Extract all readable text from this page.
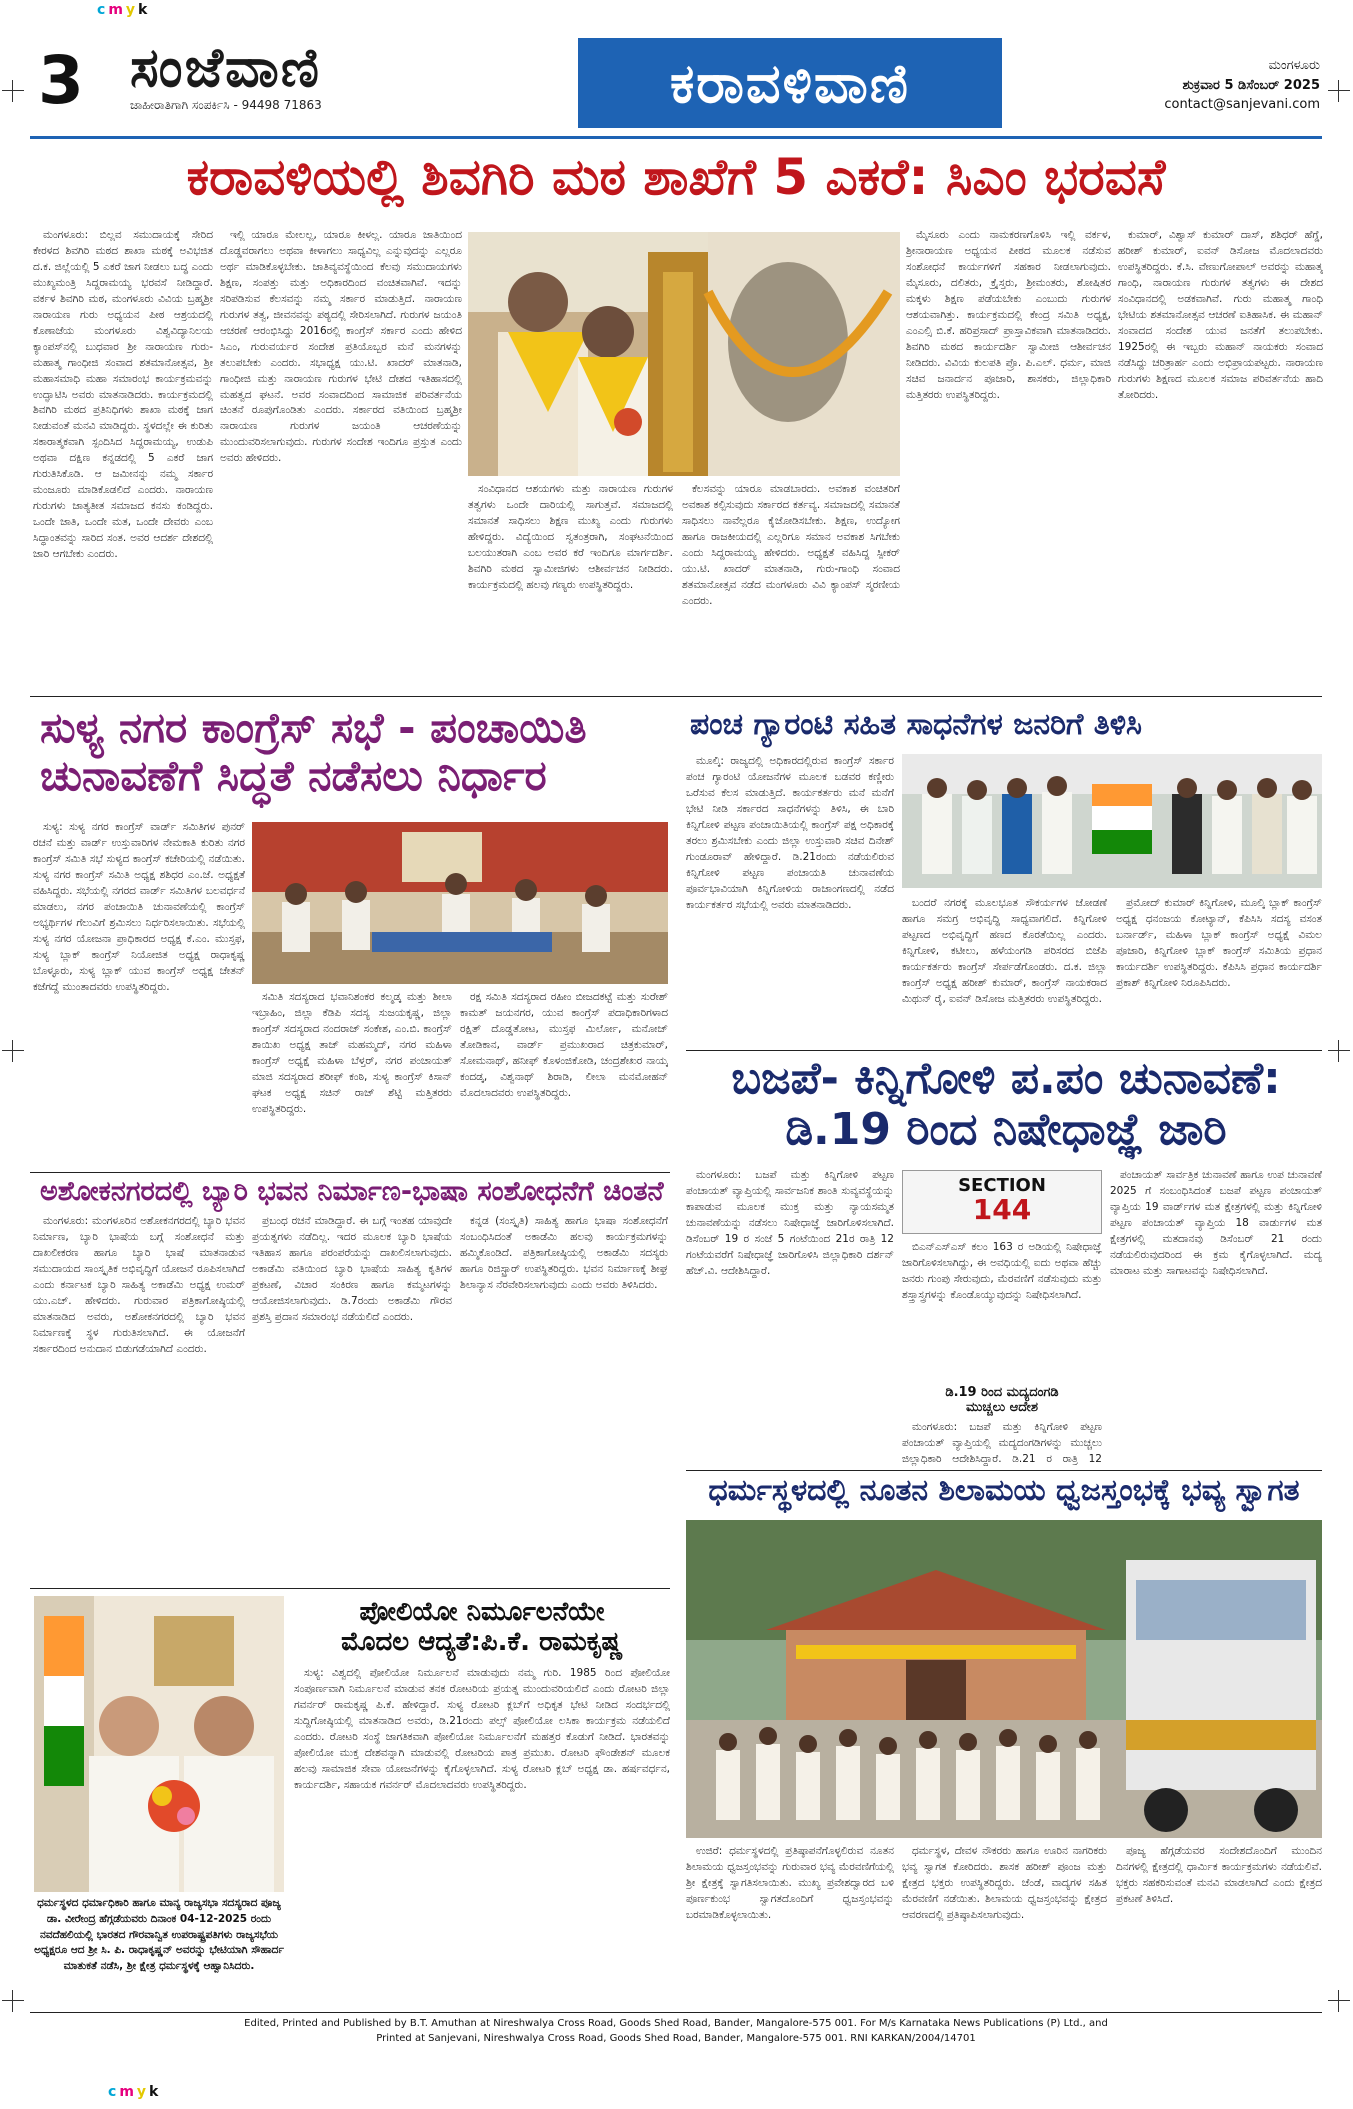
cmyk
3 ಸಂಜೆವಾಣಿ
ಜಾಹೀರಾತಿಗಾಗಿ ಸಂಪರ್ಕಿಸಿ - 94498 71863	ಕರಾವಳಿವಾಣಿ	ಮಂಗಳೂರು
ಶುಕ್ರವಾರ 5 ಡಿಸೆಂಬರ್ 2025
contact@sanjevani.com
ಕರಾವಳಿಯಲ್ಲಿ ಶಿವಗಿರಿ ಮಠ ಶಾಖೆಗೆ 5 ಎಕರೆ: ಸಿಎಂ ಭರವಸೆ

ಮಂಗಳೂರು: ಬಿಲ್ಲವ ಸಮುದಾಯಕ್ಕೆ ಸೇರಿದ ಕೇರಳದ ಶಿವಗಿರಿ ಮಠದ ಶಾಖಾ ಮಠಕ್ಕೆ ಅವಿಭಜಿತ ದ.ಕ. ಜಿಲ್ಲೆಯಲ್ಲಿ 5 ಎಕರೆ ಜಾಗ ನೀಡಲು ಬದ್ಧ ಎಂದು ಮುಖ್ಯಮಂತ್ರಿ ಸಿದ್ದರಾಮಯ್ಯ ಭರವಸೆ ನೀಡಿದ್ದಾರೆ. ವರ್ಕಳ ಶಿವಗಿರಿ ಮಠ, ಮಂಗಳೂರು ವಿವಿಯ ಬ್ರಹ್ಮಶ್ರೀ ನಾರಾಯಣ ಗುರು ಅಧ್ಯಯನ ಪೀಠ ಆಶ್ರಯದಲ್ಲಿ ಕೊಣಾಜೆಯ ಮಂಗಳೂರು ವಿಶ್ವವಿದ್ಯಾನಿಲಯ ಕ್ಯಾಂಪಸ್‌ನಲ್ಲಿ ಬುಧವಾರ ಶ್ರೀ ನಾರಾಯಣ ಗುರು-ಮಹಾತ್ಮ ಗಾಂಧೀಜಿ ಸಂವಾದ ಶತಮಾನೋತ್ಸವ, ಶ್ರೀ ಮಹಾಸಮಾಧಿ ಮಹಾ ಸಮಾರಂಭ ಕಾರ್ಯಕ್ರಮವನ್ನು ಉದ್ಘಾಟಿಸಿ ಅವರು ಮಾತನಾಡಿದರು. ಕಾರ್ಯಕ್ರಮದಲ್ಲಿ ಶಿವಗಿರಿ ಮಠದ ಪ್ರತಿನಿಧಿಗಳು ಶಾಖಾ ಮಠಕ್ಕೆ ಜಾಗ ನೀಡುವಂತೆ ಮನವಿ ಮಾಡಿದ್ದರು. ಸ್ಥಳದಲ್ಲೇ ಈ ಕುರಿತು ಸಕಾರಾತ್ಮಕವಾಗಿ ಸ್ಪಂದಿಸಿದ ಸಿದ್ದರಾಮಯ್ಯ, ಉಡುಪಿ ಅಥವಾ ದಕ್ಷಿಣ ಕನ್ನಡದಲ್ಲಿ 5 ಎಕರೆ ಜಾಗ ಗುರುತಿಸಿಕೊಡಿ. ಆ ಜಮೀನನ್ನು ನಮ್ಮ ಸರ್ಕಾರ ಮಂಜೂರು ಮಾಡಿಕೊಡಲಿದೆ ಎಂದರು. ನಾರಾಯಣ ಗುರುಗಳು ಜಾತ್ಯತೀತ ಸಮಾಜದ ಕನಸು ಕಂಡಿದ್ದರು. ಒಂದೇ ಜಾತಿ, ಒಂದೇ ಮತ, ಒಂದೇ ದೇವರು ಎಂಬ ಸಿದ್ಧಾಂತವನ್ನು ಸಾರಿದ ಸಂತ. ಅವರ ಆದರ್ಶ ದೇಶದಲ್ಲಿ ಜಾರಿ ಆಗಬೇಕು ಎಂದರು.

ಇಲ್ಲಿ ಯಾರೂ ಮೇಲಲ್ಲ, ಯಾರೂ ಕೀಳಲ್ಲ. ಯಾರೂ ಜಾತಿಯಿಂದ ದೊಡ್ಡವರಾಗಲು ಅಥವಾ ಕೀಳಾಗಲು ಸಾಧ್ಯವಿಲ್ಲ ಎನ್ನುವುದನ್ನು ಎಲ್ಲರೂ ಅರ್ಥ ಮಾಡಿಕೊಳ್ಳಬೇಕು. ಜಾತಿವ್ಯವಸ್ಥೆಯಿಂದ ಕೆಲವು ಸಮುದಾಯಗಳು ಶಿಕ್ಷಣ, ಸಂಪತ್ತು ಮತ್ತು ಅಧಿಕಾರದಿಂದ ವಂಚಿತವಾಗಿವೆ. ಇದನ್ನು ಸರಿಪಡಿಸುವ ಕೆಲಸವನ್ನು ನಮ್ಮ ಸರ್ಕಾರ ಮಾಡುತ್ತಿದೆ. ನಾರಾಯಣ ಗುರುಗಳ ತತ್ವ, ಜೀವನವನ್ನು ಪಠ್ಯದಲ್ಲಿ ಸೇರಿಸಲಾಗಿದೆ. ಗುರುಗಳ ಜಯಂತಿ ಆಚರಣೆ ಆರಂಭಿಸಿದ್ದು 2016ರಲ್ಲಿ ಕಾಂಗ್ರೆಸ್ ಸರ್ಕಾರ ಎಂದು ಹೇಳಿದ ಸಿಎಂ, ಗುರುವರ್ಯರ ಸಂದೇಶ ಪ್ರತಿಯೊಬ್ಬರ ಮನೆ ಮನಗಳನ್ನು ತಲುಪಬೇಕು ಎಂದರು. ಸಭಾಧ್ಯಕ್ಷ ಯು.ಟಿ. ಖಾದರ್ ಮಾತನಾಡಿ, ಗಾಂಧೀಜಿ ಮತ್ತು ನಾರಾಯಣ ಗುರುಗಳ ಭೇಟಿ ದೇಶದ ಇತಿಹಾಸದಲ್ಲಿ ಮಹತ್ವದ ಘಟನೆ. ಅವರ ಸಂವಾದದಿಂದ ಸಾಮಾಜಿಕ ಪರಿವರ್ತನೆಯ ಚಿಂತನೆ ರೂಪುಗೊಂಡಿತು ಎಂದರು. ಸರ್ಕಾರದ ವತಿಯಿಂದ ಬ್ರಹ್ಮಶ್ರೀ ನಾರಾಯಣ ಗುರುಗಳ ಜಯಂತಿ ಆಚರಣೆಯನ್ನು ಮುಂದುವರಿಸಲಾಗುವುದು. ಗುರುಗಳ ಸಂದೇಶ ಇಂದಿಗೂ ಪ್ರಸ್ತುತ ಎಂದು ಅವರು ಹೇಳಿದರು.

ಸಂವಿಧಾನದ ಆಶಯಗಳು ಮತ್ತು ನಾರಾಯಣ ಗುರುಗಳ ತತ್ವಗಳು ಒಂದೇ ದಾರಿಯಲ್ಲಿ ಸಾಗುತ್ತವೆ. ಸಮಾಜದಲ್ಲಿ ಸಮಾನತೆ ಸಾಧಿಸಲು ಶಿಕ್ಷಣ ಮುಖ್ಯ ಎಂದು ಗುರುಗಳು ಹೇಳಿದ್ದರು. ವಿದ್ಯೆಯಿಂದ ಸ್ವತಂತ್ರರಾಗಿ, ಸಂಘಟನೆಯಿಂದ ಬಲಯುತರಾಗಿ ಎಂಬ ಅವರ ಕರೆ ಇಂದಿಗೂ ಮಾರ್ಗದರ್ಶಿ. ಶಿವಗಿರಿ ಮಠದ ಸ್ವಾಮೀಜಿಗಳು ಆಶೀರ್ವಚನ ನೀಡಿದರು. ಕಾರ್ಯಕ್ರಮದಲ್ಲಿ ಹಲವು ಗಣ್ಯರು ಉಪಸ್ಥಿತರಿದ್ದರು.

ಕೆಲಸವನ್ನು ಯಾರೂ ಮಾಡಬಾರದು. ಅವಕಾಶ ವಂಚಿತರಿಗೆ ಅವಕಾಶ ಕಲ್ಪಿಸುವುದು ಸರ್ಕಾರದ ಕರ್ತವ್ಯ. ಸಮಾಜದಲ್ಲಿ ಸಮಾನತೆ ಸಾಧಿಸಲು ನಾವೆಲ್ಲರೂ ಕೈಜೋಡಿಸಬೇಕು. ಶಿಕ್ಷಣ, ಉದ್ಯೋಗ ಹಾಗೂ ರಾಜಕೀಯದಲ್ಲಿ ಎಲ್ಲರಿಗೂ ಸಮಾನ ಅವಕಾಶ ಸಿಗಬೇಕು ಎಂದು ಸಿದ್ದರಾಮಯ್ಯ ಹೇಳಿದರು. ಅಧ್ಯಕ್ಷತೆ ವಹಿಸಿದ್ದ ಸ್ಪೀಕರ್ ಯು.ಟಿ. ಖಾದರ್ ಮಾತನಾಡಿ, ಗುರು-ಗಾಂಧಿ ಸಂವಾದ ಶತಮಾನೋತ್ಸವ ನಡೆದ ಮಂಗಳೂರು ವಿವಿ ಕ್ಯಾಂಪಸ್ ಸ್ಮರಣೀಯ ಎಂದರು.

ಮೈಸೂರು ಎಂದು ನಾಮಕರಣಗೊಳಿಸಿ ಇಲ್ಲಿ ವರ್ಕಳ, ಶ್ರೀನಾರಾಯಣ ಅಧ್ಯಯನ ಪೀಠದ ಮೂಲಕ ನಡೆಸುವ ಸಂಶೋಧನೆ ಕಾರ್ಯಗಳಿಗೆ ಸಹಕಾರ ನೀಡಲಾಗುವುದು. ಮೈಸೂರು, ದಲಿತರು, ಕ್ರೈಸ್ತರು, ಶ್ರೀಮಂತರು, ಶೋಷಿತರ ಮಕ್ಕಳು ಶಿಕ್ಷಣ ಪಡೆಯಬೇಕು ಎಂಬುದು ಗುರುಗಳ ಆಶಯವಾಗಿತ್ತು. ಕಾರ್ಯಕ್ರಮದಲ್ಲಿ ಕೇಂದ್ರ ಸಮಿತಿ ಅಧ್ಯಕ್ಷ, ಎಂಎಲ್ಸಿ ಬಿ.ಕೆ. ಹರಿಪ್ರಸಾದ್ ಪ್ರಾಸ್ತಾವಿಕವಾಗಿ ಮಾತನಾಡಿದರು. ಶಿವಗಿರಿ ಮಠದ ಕಾರ್ಯದರ್ಶಿ ಸ್ವಾಮೀಜಿ ಆಶೀರ್ವಚನ ನೀಡಿದರು. ವಿವಿಯ ಕುಲಪತಿ ಪ್ರೊ. ಪಿ.ಎಲ್. ಧರ್ಮ, ಮಾಜಿ ಸಚಿವ ಜನಾರ್ದನ ಪೂಜಾರಿ, ಶಾಸಕರು, ಜಿಲ್ಲಾಧಿಕಾರಿ ಮತ್ತಿತರರು ಉಪಸ್ಥಿತರಿದ್ದರು.

ಕುಮಾರ್, ವಿಶ್ವಾಸ್ ಕುಮಾರ್ ದಾಸ್, ಶಶಿಧರ್ ಹೆಗ್ಡೆ, ಹರೀಶ್ ಕುಮಾರ್, ಐವನ್ ಡಿಸೋಜ ಮೊದಲಾದವರು ಉಪಸ್ಥಿತರಿದ್ದರು. ಕೆ.ಸಿ. ವೇಣುಗೋಪಾಲ್ ಅವರನ್ನು ಮಹಾತ್ಮ ಗಾಂಧಿ, ನಾರಾಯಣ ಗುರುಗಳ ತತ್ವಗಳು ಈ ದೇಶದ ಸಂವಿಧಾನದಲ್ಲಿ ಅಡಕವಾಗಿವೆ. ಗುರು ಮಹಾತ್ಮ ಗಾಂಧಿ ಭೇಟಿಯ ಶತಮಾನೋತ್ಸವ ಆಚರಣೆ ಐತಿಹಾಸಿಕ. ಈ ಮಹಾನ್ ಸಂವಾದದ ಸಂದೇಶ ಯುವ ಜನತೆಗೆ ತಲುಪಬೇಕು. 1925ರಲ್ಲಿ ಈ ಇಬ್ಬರು ಮಹಾನ್ ನಾಯಕರು ಸಂವಾದ ನಡೆಸಿದ್ದು ಚರಿತ್ರಾರ್ಹ ಎಂದು ಅಭಿಪ್ರಾಯಪಟ್ಟರು. ನಾರಾಯಣ ಗುರುಗಳು ಶಿಕ್ಷಣದ ಮೂಲಕ ಸಮಾಜ ಪರಿವರ್ತನೆಯ ಹಾದಿ ತೋರಿದರು.

ಸುಳ್ಯ ನಗರ ಕಾಂಗ್ರೆಸ್ ಸಭೆ - ಪಂಚಾಯಿತಿ
ಚುನಾವಣೆಗೆ ಸಿದ್ಧತೆ ನಡೆಸಲು ನಿರ್ಧಾರ

ಸುಳ್ಯ: ಸುಳ್ಯ ನಗರ ಕಾಂಗ್ರೆಸ್ ವಾರ್ಡ್ ಸಮಿತಿಗಳ ಪುನರ್ ರಚನೆ ಮತ್ತು ವಾರ್ಡ್ ಉಸ್ತುವಾರಿಗಳ ನೇಮಕಾತಿ ಕುರಿತು ನಗರ ಕಾಂಗ್ರೆಸ್ ಸಮಿತಿ ಸಭೆ ಸುಳ್ಯದ ಕಾಂಗ್ರೆಸ್ ಕಚೇರಿಯಲ್ಲಿ ನಡೆಯಿತು. ಸುಳ್ಯ ನಗರ ಕಾಂಗ್ರೆಸ್ ಸಮಿತಿ ಅಧ್ಯಕ್ಷ ಶಶಿಧರ ಎಂ.ಜೆ. ಅಧ್ಯಕ್ಷತೆ ವಹಿಸಿದ್ದರು. ಸಭೆಯಲ್ಲಿ ನಗರದ ವಾರ್ಡ್ ಸಮಿತಿಗಳ ಬಲವರ್ಧನೆ ಮಾಡಲು, ನಗರ ಪಂಚಾಯಿತಿ ಚುನಾವಣೆಯಲ್ಲಿ ಕಾಂಗ್ರೆಸ್ ಅಭ್ಯರ್ಥಿಗಳ ಗೆಲುವಿಗೆ ಶ್ರಮಿಸಲು ನಿರ್ಧರಿಸಲಾಯಿತು. ಸಭೆಯಲ್ಲಿ ಸುಳ್ಯ ನಗರ ಯೋಜನಾ ಪ್ರಾಧಿಕಾರದ ಅಧ್ಯಕ್ಷ ಕೆ.ಎಂ. ಮುಸ್ತಫ, ಸುಳ್ಯ ಬ್ಲಾಕ್ ಕಾಂಗ್ರೆಸ್ ನಿಯೋಜಿತ ಅಧ್ಯಕ್ಷ ರಾಧಾಕೃಷ್ಣ ಬೊಳ್ಳೂರು, ಸುಳ್ಯ ಬ್ಲಾಕ್ ಯುವ ಕಾಂಗ್ರೆಸ್ ಅಧ್ಯಕ್ಷ ಚೇತನ್ ಕಜೆಗದ್ದೆ ಮುಂತಾದವರು ಉಪಸ್ಥಿತರಿದ್ದರು.

ಸಮಿತಿ ಸದಸ್ಯರಾದ ಭವಾನಿಶಂಕರ ಕಲ್ಮಡ್ಕ ಮತ್ತು ಶೀಲಾ ಇಬ್ರಾಹಿಂ, ಜಿಲ್ಲಾ ಕೆಡಿಪಿ ಸದಸ್ಯ ಸುಜಯಕೃಷ್ಣ, ಜಿಲ್ಲಾ ಕಾಂಗ್ರೆಸ್ ಸದಸ್ಯರಾದ ನಂದರಾಜ್ ಸಂಕೇಶ, ಎಂ.ಬಿ. ಕಾಂಗ್ರೆಸ್ ಶಾಯಿಖ ಅಧ್ಯಕ್ಷ ತಾಜ್ ಮಹಮ್ಮದ್, ನಗರ ಮಹಿಳಾ ಕಾಂಗ್ರೆಸ್ ಅಧ್ಯಕ್ಷೆ ಮಹಿಳಾ ಬೆಳ್ತರ್, ನಗರ ಪಂಚಾಯತ್ ಮಾಜಿ ಸದಸ್ಯರಾದ ಶರೀಫ್ ಕಂಠಿ, ಸುಳ್ಯ ಕಾಂಗ್ರೆಸ್ ಕಿಸಾನ್ ಘಟಕ ಅಧ್ಯಕ್ಷ ಸಚಿನ್ ರಾಜ್ ಶೆಟ್ಟಿ ಮತ್ತಿತರರು ಉಪಸ್ಥಿತರಿದ್ದರು.

ರಕ್ಷ ಸಮಿತಿ ಸದಸ್ಯರಾದ ರಹೀಂ ಬೀಜದಕಟ್ಟೆ ಮತ್ತು ಸುರೇಶ್ ಕಾಮತ್ ಜಯನಗರ, ಯುವ ಕಾಂಗ್ರೆಸ್ ಪದಾಧಿಕಾರಿಗಳಾದ ರಕ್ಷಿತ್ ದೊಡ್ಡತೋಟ, ಮುಸ್ತಫ ಮಿರ್ಲೋ, ಮನೋಜ್ ತೋಡಿಕಾನ, ವಾರ್ಡ್ ಪ್ರಮುಖರಾದ ಚಿತ್ರಕುಮಾರ್, ಸೋಮನಾಥ್, ಹನೀಫ್ ಕೊಳಂಜಿಕೋಡಿ, ಚಂದ್ರಶೇಖರ ನಾಯ್ಕ ಕಂದಡ್ಕ, ವಿಶ್ವನಾಥ್ ಶಿರಾಡಿ, ಲೀಲಾ ಮನಮೋಹನ್ ಮೊದಲಾದವರು ಉಪಸ್ಥಿತರಿದ್ದರು.

ಪಂಚ ಗ್ಯಾರಂಟಿ ಸಹಿತ ಸಾಧನೆಗಳ ಜನರಿಗೆ ತಿಳಿಸಿ

ಮೂಲ್ಕಿ: ರಾಜ್ಯದಲ್ಲಿ ಅಧಿಕಾರದಲ್ಲಿರುವ ಕಾಂಗ್ರೆಸ್ ಸರ್ಕಾರ ಪಂಚ ಗ್ಯಾರಂಟಿ ಯೋಜನೆಗಳ ಮೂಲಕ ಬಡವರ ಕಣ್ಣೀರು ಒರೆಸುವ ಕೆಲಸ ಮಾಡುತ್ತಿದೆ. ಕಾರ್ಯಕರ್ತರು ಮನೆ ಮನೆಗೆ ಭೇಟಿ ನೀಡಿ ಸರ್ಕಾರದ ಸಾಧನೆಗಳನ್ನು ತಿಳಿಸಿ, ಈ ಬಾರಿ ಕಿನ್ನಿಗೋಳಿ ಪಟ್ಟಣ ಪಂಚಾಯಿತಿಯಲ್ಲಿ ಕಾಂಗ್ರೆಸ್ ಪಕ್ಷ ಅಧಿಕಾರಕ್ಕೆ ತರಲು ಶ್ರಮಿಸಬೇಕು ಎಂದು ಜಿಲ್ಲಾ ಉಸ್ತುವಾರಿ ಸಚಿವ ದಿನೇಶ್ ಗುಂಡೂರಾವ್ ಹೇಳಿದ್ದಾರೆ. ಡಿ.21ರಂದು ನಡೆಯಲಿರುವ ಕಿನ್ನಿಗೋಳಿ ಪಟ್ಟಣ ಪಂಚಾಯತಿ ಚುನಾವಣೆಯ ಪೂರ್ವಭಾವಿಯಾಗಿ ಕಿನ್ನಿಗೋಳಿಯ ರಾಜಾಂಗಣದಲ್ಲಿ ನಡೆದ ಕಾರ್ಯಕರ್ತರ ಸಭೆಯಲ್ಲಿ ಅವರು ಮಾತನಾಡಿದರು.	ಬಂದರೆ ನಗರಕ್ಕೆ ಮೂಲಭೂತ ಸೌಕರ್ಯಗಳ ಜೋಡಣೆ ಹಾಗೂ ಸಮಗ್ರ ಅಭಿವೃದ್ಧಿ ಸಾಧ್ಯವಾಗಲಿದೆ. ಕಿನ್ನಿಗೋಳಿ ಪಟ್ಟಣದ ಅಭಿವೃದ್ಧಿಗೆ ಹಣದ ಕೊರತೆಯಿಲ್ಲ ಎಂದರು. ಕಿನ್ನಿಗೋಳಿ, ಕಟೀಲು, ಹಳೆಯಂಗಡಿ ಪರಿಸರದ ಬಿಜೆಪಿ ಕಾರ್ಯಕರ್ತರು ಕಾಂಗ್ರೆಸ್ ಸೇರ್ಪಡೆಗೊಂಡರು. ದ.ಕ. ಜಿಲ್ಲಾ ಕಾಂಗ್ರೆಸ್ ಅಧ್ಯಕ್ಷ ಹರೀಶ್ ಕುಮಾರ್, ಕಾಂಗ್ರೆಸ್ ನಾಯಕರಾದ ಮಿಥುನ್ ರೈ, ಐವನ್ ಡಿಸೋಜ ಮತ್ತಿತರರು ಉಪಸ್ಥಿತರಿದ್ದರು.

ಪ್ರಮೋದ್ ಕುಮಾರ್ ಕಿನ್ನಿಗೋಳಿ, ಮೂಲ್ಕಿ ಬ್ಲಾಕ್ ಕಾಂಗ್ರೆಸ್ ಅಧ್ಯಕ್ಷ ಧನಂಜಯ ಕೋಟ್ಯಾನ್, ಕೆಪಿಸಿಸಿ ಸದಸ್ಯ ವಸಂತ ಬರ್ನಾರ್ಡ್, ಮಹಿಳಾ ಬ್ಲಾಕ್ ಕಾಂಗ್ರೆಸ್ ಅಧ್ಯಕ್ಷೆ ವಿಮಲ ಪೂಜಾರಿ, ಕಿನ್ನಿಗೋಳಿ ಬ್ಲಾಕ್ ಕಾಂಗ್ರೆಸ್ ಸಮಿತಿಯ ಪ್ರಧಾನ ಕಾರ್ಯದರ್ಶಿ ಉಪಸ್ಥಿತರಿದ್ದರು. ಕೆಪಿಸಿಸಿ ಪ್ರಧಾನ ಕಾರ್ಯದರ್ಶಿ ಪ್ರಕಾಶ್ ಕಿನ್ನಿಗೋಳಿ ನಿರೂಪಿಸಿದರು.

ಅಶೋಕನಗರದಲ್ಲಿ ಬ್ಯಾರಿ ಭವನ ನಿರ್ಮಾಣ-ಭಾಷಾ ಸಂಶೋಧನೆಗೆ ಚಿಂತನೆ

ಮಂಗಳೂರು: ಮಂಗಳೂರಿನ ಅಶೋಕನಗರದಲ್ಲಿ ಬ್ಯಾರಿ ಭವನ ನಿರ್ಮಾಣ, ಬ್ಯಾರಿ ಭಾಷೆಯ ಬಗ್ಗೆ ಸಂಶೋಧನೆ ಮತ್ತು ದಾಖಲೀಕರಣ ಹಾಗೂ ಬ್ಯಾರಿ ಭಾಷೆ ಮಾತನಾಡುವ ಸಮುದಾಯದ ಸಾಂಸ್ಕೃತಿಕ ಅಭಿವೃದ್ಧಿಗೆ ಯೋಜನೆ ರೂಪಿಸಲಾಗಿದೆ ಎಂದು ಕರ್ನಾಟಕ ಬ್ಯಾರಿ ಸಾಹಿತ್ಯ ಅಕಾಡೆಮಿ ಅಧ್ಯಕ್ಷ ಉಮರ್ ಯು.ಎಚ್. ಹೇಳಿದರು. ಗುರುವಾರ ಪತ್ರಿಕಾಗೋಷ್ಠಿಯಲ್ಲಿ ಮಾತನಾಡಿದ ಅವರು, ಅಶೋಕನಗರದಲ್ಲಿ ಬ್ಯಾರಿ ಭವನ ನಿರ್ಮಾಣಕ್ಕೆ ಸ್ಥಳ ಗುರುತಿಸಲಾಗಿದೆ. ಈ ಯೋಜನೆಗೆ ಸರ್ಕಾರದಿಂದ ಅನುದಾನ ಬಿಡುಗಡೆಯಾಗಿದೆ ಎಂದರು.

ಪ್ರಬಂಧ ರಚನೆ ಮಾಡಿದ್ದಾರೆ. ಈ ಬಗ್ಗೆ ಇಂತಹ ಯಾವುದೇ ಪ್ರಯತ್ನಗಳು ನಡೆದಿಲ್ಲ. ಇದರ ಮೂಲಕ ಬ್ಯಾರಿ ಭಾಷೆಯ ಇತಿಹಾಸ ಹಾಗೂ ಪರಂಪರೆಯನ್ನು ದಾಖಲಿಸಲಾಗುವುದು. ಅಕಾಡೆಮಿ ವತಿಯಿಂದ ಬ್ಯಾರಿ ಭಾಷೆಯ ಸಾಹಿತ್ಯ ಕೃತಿಗಳ ಪ್ರಕಟಣೆ, ವಿಚಾರ ಸಂಕಿರಣ ಹಾಗೂ ಕಮ್ಮಟಗಳನ್ನು ಆಯೋಜಿಸಲಾಗುವುದು. ಡಿ.7ರಂದು ಅಕಾಡೆಮಿ ಗೌರವ ಪ್ರಶಸ್ತಿ ಪ್ರದಾನ ಸಮಾರಂಭ ನಡೆಯಲಿದೆ ಎಂದರು.

ಕನ್ನಡ (ಸಂಸ್ಕೃತಿ) ಸಾಹಿತ್ಯ ಹಾಗೂ ಭಾಷಾ ಸಂಶೋಧನೆಗೆ ಸಂಬಂಧಿಸಿದಂತೆ ಅಕಾಡೆಮಿ ಹಲವು ಕಾರ್ಯಕ್ರಮಗಳನ್ನು ಹಮ್ಮಿಕೊಂಡಿದೆ. ಪತ್ರಿಕಾಗೋಷ್ಠಿಯಲ್ಲಿ ಅಕಾಡೆಮಿ ಸದಸ್ಯರು ಹಾಗೂ ರಿಜಿಸ್ಟ್ರಾರ್ ಉಪಸ್ಥಿತರಿದ್ದರು. ಭವನ ನಿರ್ಮಾಣಕ್ಕೆ ಶೀಘ್ರ ಶಿಲಾನ್ಯಾಸ ನೆರವೇರಿಸಲಾಗುವುದು ಎಂದು ಅವರು ತಿಳಿಸಿದರು.

ಬಜಪೆ- ಕಿನ್ನಿಗೋಳಿ ಪ.ಪಂ ಚುನಾವಣೆ:
ಡಿ.19 ರಿಂದ ನಿಷೇಧಾಜ್ಞೆ ಜಾರಿ

ಮಂಗಳೂರು: ಬಜಪೆ ಮತ್ತು ಕಿನ್ನಿಗೋಳಿ ಪಟ್ಟಣ ಪಂಚಾಯತ್ ವ್ಯಾಪ್ತಿಯಲ್ಲಿ ಸಾರ್ವಜನಿಕ ಶಾಂತಿ ಸುವ್ಯವಸ್ಥೆಯನ್ನು ಕಾಪಾಡುವ ಮೂಲಕ ಮುಕ್ತ ಮತ್ತು ನ್ಯಾಯಸಮ್ಮತ ಚುನಾವಣೆಯನ್ನು ನಡೆಸಲು ನಿಷೇಧಾಜ್ಞೆ ಜಾರಿಗೊಳಿಸಲಾಗಿದೆ. ಡಿಸೆಂಬರ್ 19 ರ ಸಂಜೆ 5 ಗಂಟೆಯಿಂದ 21ರ ರಾತ್ರಿ 12 ಗಂಟೆಯವರೆಗೆ ನಿಷೇಧಾಜ್ಞೆ ಜಾರಿಗೊಳಿಸಿ ಜಿಲ್ಲಾಧಿಕಾರಿ ದರ್ಶನ್ ಹೆಚ್.ವಿ. ಆದೇಶಿಸಿದ್ದಾರೆ.

SECTION
144

ಬಿಎನ್‌ಎಸ್‌ಎಸ್ ಕಲಂ 163 ರ ಅಡಿಯಲ್ಲಿ ನಿಷೇಧಾಜ್ಞೆ ಜಾರಿಗೊಳಿಸಲಾಗಿದ್ದು, ಈ ಅವಧಿಯಲ್ಲಿ ಐದು ಅಥವಾ ಹೆಚ್ಚು ಜನರು ಗುಂಪು ಸೇರುವುದು, ಮೆರವಣಿಗೆ ನಡೆಸುವುದು ಮತ್ತು ಶಸ್ತ್ರಾಸ್ತ್ರಗಳನ್ನು ಕೊಂಡೊಯ್ಯುವುದನ್ನು ನಿಷೇಧಿಸಲಾಗಿದೆ.

ಡಿ.19 ರಿಂದ ಮದ್ಯದಂಗಡಿ
ಮುಚ್ಚಲು ಆದೇಶ

ಮಂಗಳೂರು: ಬಜಪೆ ಮತ್ತು ಕಿನ್ನಿಗೋಳಿ ಪಟ್ಟಣ ಪಂಚಾಯತ್ ವ್ಯಾಪ್ತಿಯಲ್ಲಿ ಮದ್ಯದಂಗಡಿಗಳನ್ನು ಮುಚ್ಚಲು ಜಿಲ್ಲಾಧಿಕಾರಿ ಆದೇಶಿಸಿದ್ದಾರೆ. ಡಿ.21 ರ ರಾತ್ರಿ 12

ಪಂಚಾಯತ್ ಸಾರ್ವತ್ರಿಕ ಚುನಾವಣೆ ಹಾಗೂ ಉಪ ಚುನಾವಣೆ 2025 ಗೆ ಸಂಬಂಧಿಸಿದಂತೆ ಬಜಪೆ ಪಟ್ಟಣ ಪಂಚಾಯತ್ ವ್ಯಾಪ್ತಿಯ 19 ವಾರ್ಡ್‌ಗಳ ಮತ ಕ್ಷೇತ್ರಗಳಲ್ಲಿ ಮತ್ತು ಕಿನ್ನಿಗೋಳಿ ಪಟ್ಟಣ ಪಂಚಾಯತ್ ವ್ಯಾಪ್ತಿಯ 18 ವಾರ್ಡುಗಳ ಮತ ಕ್ಷೇತ್ರಗಳಲ್ಲಿ ಮತದಾನವು ಡಿಸೆಂಬರ್ 21 ರಂದು ನಡೆಯಲಿರುವುದರಿಂದ ಈ ಕ್ರಮ ಕೈಗೊಳ್ಳಲಾಗಿದೆ. ಮದ್ಯ ಮಾರಾಟ ಮತ್ತು ಸಾಗಾಟವನ್ನು ನಿಷೇಧಿಸಲಾಗಿದೆ.

ಧರ್ಮಸ್ಥಳದ ಧರ್ಮಾಧಿಕಾರಿ ಹಾಗೂ ಮಾನ್ಯ ರಾಜ್ಯಸಭಾ ಸದಸ್ಯರಾದ ಪೂಜ್ಯ ಡಾ. ವೀರೇಂದ್ರ ಹೆಗ್ಗಡೆಯವರು ದಿನಾಂಕ 04-12-2025 ರಂದು ನವದೆಹಲಿಯಲ್ಲಿ ಭಾರತದ ಗೌರವಾನ್ವಿತ ಉಪರಾಷ್ಟ್ರಪತಿಗಳು ರಾಜ್ಯಸಭೆಯ ಅಧ್ಯಕ್ಷರೂ ಆದ ಶ್ರೀ ಸಿ. ಪಿ. ರಾಧಾಕೃಷ್ಣನ್ ಅವರನ್ನು ಭೇಟಿಯಾಗಿ ಸೌಹಾರ್ದ ಮಾತುಕತೆ ನಡೆಸಿ, ಶ್ರೀ ಕ್ಷೇತ್ರ ಧರ್ಮಸ್ಥಳಕ್ಕೆ ಆಹ್ವಾನಿಸಿದರು.
ಪೋಲಿಯೋ ನಿರ್ಮೂಲನೆಯೇ
ಮೊದಲ ಆದ್ಯತೆ:ಪಿ.ಕೆ. ರಾಮಕೃಷ್ಣ

ಸುಳ್ಯ: ವಿಶ್ವದಲ್ಲಿ ಪೋಲಿಯೋ ನಿರ್ಮೂಲನೆ ಮಾಡುವುದು ನಮ್ಮ ಗುರಿ. 1985 ರಿಂದ ಪೋಲಿಯೋ ಸಂಪೂರ್ಣವಾಗಿ ನಿರ್ಮೂಲನೆ ಮಾಡುವ ತನಕ ರೋಟರಿಯ ಪ್ರಯತ್ನ ಮುಂದುವರಿಯಲಿದೆ ಎಂದು ರೋಟರಿ ಜಿಲ್ಲಾ ಗವರ್ನರ್ ರಾಮಕೃಷ್ಣ ಪಿ.ಕೆ. ಹೇಳಿದ್ದಾರೆ. ಸುಳ್ಯ ರೋಟರಿ ಕ್ಲಬ್‌ಗೆ ಅಧಿಕೃತ ಭೇಟಿ ನೀಡಿದ ಸಂದರ್ಭದಲ್ಲಿ ಸುದ್ದಿಗೋಷ್ಠಿಯಲ್ಲಿ ಮಾತನಾಡಿದ ಅವರು, ಡಿ.21ರಂದು ಪಲ್ಸ್ ಪೋಲಿಯೋ ಲಸಿಕಾ ಕಾರ್ಯಕ್ರಮ ನಡೆಯಲಿದೆ ಎಂದರು. ರೋಟರಿ ಸಂಸ್ಥೆ ಜಾಗತಿಕವಾಗಿ ಪೋಲಿಯೋ ನಿರ್ಮೂಲನೆಗೆ ಮಹತ್ತರ ಕೊಡುಗೆ ನೀಡಿದೆ. ಭಾರತವನ್ನು ಪೋಲಿಯೋ ಮುಕ್ತ ದೇಶವನ್ನಾಗಿ ಮಾಡುವಲ್ಲಿ ರೋಟರಿಯ ಪಾತ್ರ ಪ್ರಮುಖ. ರೋಟರಿ ಫೌಂಡೇಶನ್ ಮೂಲಕ ಹಲವು ಸಾಮಾಜಿಕ ಸೇವಾ ಯೋಜನೆಗಳನ್ನು ಕೈಗೊಳ್ಳಲಾಗಿದೆ. ಸುಳ್ಯ ರೋಟರಿ ಕ್ಲಬ್ ಅಧ್ಯಕ್ಷ ಡಾ. ಹರ್ಷವರ್ಧನ, ಕಾರ್ಯದರ್ಶಿ, ಸಹಾಯಕ ಗವರ್ನರ್ ಮೊದಲಾದವರು ಉಪಸ್ಥಿತರಿದ್ದರು.

ಧರ್ಮಸ್ಥಳದಲ್ಲಿ ನೂತನ ಶಿಲಾಮಯ ಧ್ವಜಸ್ತಂಭಕ್ಕೆ ಭವ್ಯ ಸ್ವಾಗತ

ಉಜಿರೆ: ಧರ್ಮಸ್ಥಳದಲ್ಲಿ ಪ್ರತಿಷ್ಠಾಪನೆಗೊಳ್ಳಲಿರುವ ನೂತನ ಶಿಲಾಮಯ ಧ್ವಜಸ್ತಂಭವನ್ನು ಗುರುವಾರ ಭವ್ಯ ಮೆರವಣಿಗೆಯಲ್ಲಿ ಶ್ರೀ ಕ್ಷೇತ್ರಕ್ಕೆ ಸ್ವಾಗತಿಸಲಾಯಿತು. ಮುಖ್ಯ ಪ್ರವೇಶದ್ವಾರದ ಬಳಿ ಪೂರ್ಣಕುಂಭ ಸ್ವಾಗತದೊಂದಿಗೆ ಧ್ವಜಸ್ತಂಭವನ್ನು ಬರಮಾಡಿಕೊಳ್ಳಲಾಯಿತು.

ಧರ್ಮಸ್ಥಳ, ದೇವಳ ನೌಕರರು ಹಾಗೂ ಊರಿನ ನಾಗರಿಕರು ಭವ್ಯ ಸ್ವಾಗತ ಕೋರಿದರು. ಶಾಸಕ ಹರೀಶ್ ಪೂಂಜ ಮತ್ತು ಕ್ಷೇತ್ರದ ಭಕ್ತರು ಉಪಸ್ಥಿತರಿದ್ದರು. ಚೆಂಡೆ, ವಾದ್ಯಗಳ ಸಹಿತ ಮೆರವಣಿಗೆ ನಡೆಯಿತು. ಶಿಲಾಮಯ ಧ್ವಜಸ್ತಂಭವನ್ನು ಕ್ಷೇತ್ರದ ಆವರಣದಲ್ಲಿ ಪ್ರತಿಷ್ಠಾಪಿಸಲಾಗುವುದು.

ಪೂಜ್ಯ ಹೆಗ್ಗಡೆಯವರ ಸಂದೇಶದೊಂದಿಗೆ ಮುಂದಿನ ದಿನಗಳಲ್ಲಿ ಕ್ಷೇತ್ರದಲ್ಲಿ ಧಾರ್ಮಿಕ ಕಾರ್ಯಕ್ರಮಗಳು ನಡೆಯಲಿವೆ. ಭಕ್ತರು ಸಹಕರಿಸುವಂತೆ ಮನವಿ ಮಾಡಲಾಗಿದೆ ಎಂದು ಕ್ಷೇತ್ರದ ಪ್ರಕಟಣೆ ತಿಳಿಸಿದೆ.

Edited, Printed and Published by B.T. Amuthan at Nireshwalya Cross Road, Goods Shed Road, Bander, Mangalore-575 001. For M/s Karnataka News Publications (P) Ltd., and
Printed at Sanjevani, Nireshwalya Cross Road, Goods Shed Road, Bander, Mangalore-575 001. RNI KARKAN/2004/14701
cmyk
